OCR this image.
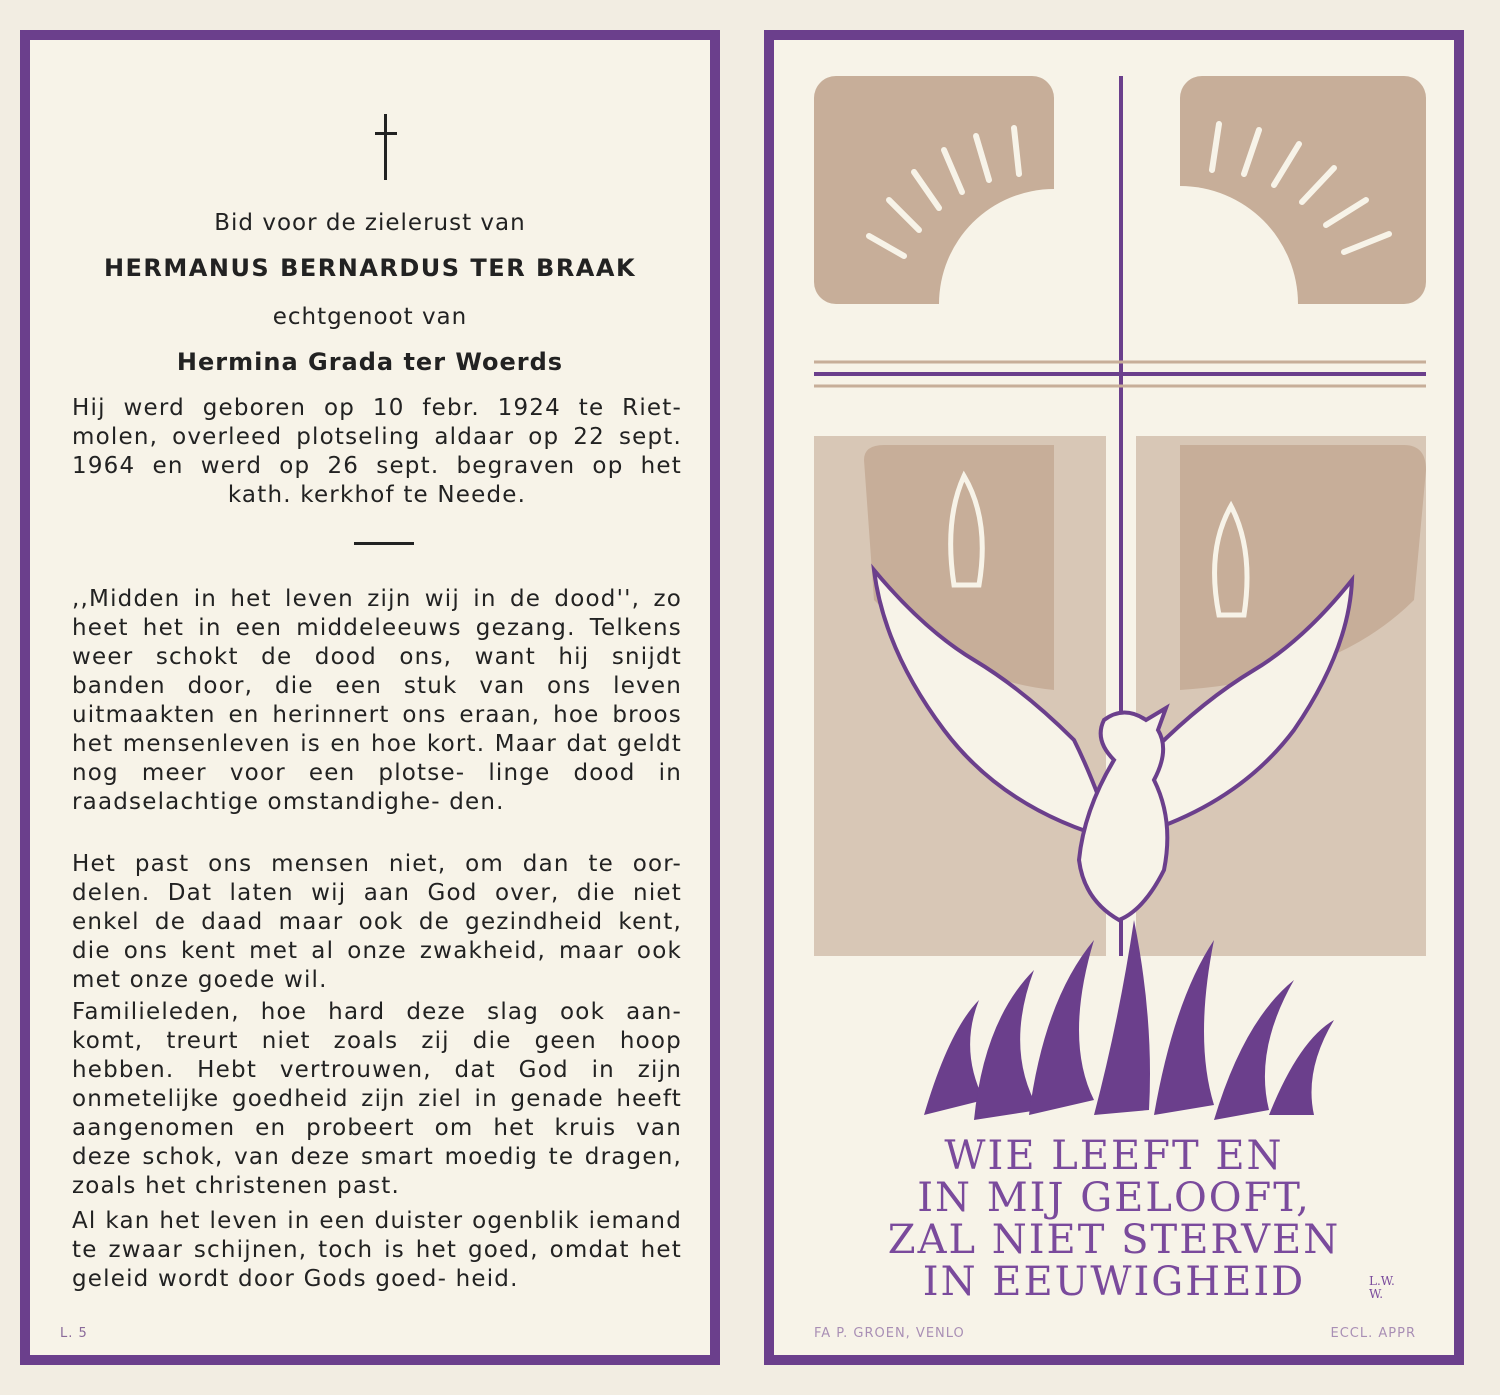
Bid voor de zielerust van
HERMANUS BERNARDUS TER BRAAK
echtgenoot van
Hermina Grada ter Woerds

Hij werd geboren op 10 febr. 1924 te Riet- molen, overleed plotseling aldaar op 22 sept. 1964 en werd op 26 sept. begraven op het kath. kerkhof te Neede.

,,Midden in het leven zijn wij in de dood'', zo heet het in een middeleeuws gezang. Telkens weer schokt de dood ons, want hij snijdt banden door, die een stuk van ons leven uitmaakten en herinnert ons eraan, hoe broos het mensenleven is en hoe kort. Maar dat geldt nog meer voor een plotse- linge dood in raadselachtige omstandighe- den.

Het past ons mensen niet, om dan te oor- delen. Dat laten wij aan God over, die niet enkel de daad maar ook de gezindheid kent, die ons kent met al onze zwakheid, maar ook met onze goede wil.

Familieleden, hoe hard deze slag ook aan- komt, treurt niet zoals zij die geen hoop hebben. Hebt vertrouwen, dat God in zijn onmetelijke goedheid zijn ziel in genade heeft aangenomen en probeert om het kruis van deze schok, van deze smart moedig te dragen, zoals het christenen past.

Al kan het leven in een duister ogenblik iemand te zwaar schijnen, toch is het goed, omdat het geleid wordt door Gods goed- heid.

L. 5
WIE LEEFT EN
IN MIJ GELOOFT,
ZAL NIET STERVEN
IN EEUWIGHEID	L.W.
W.
FA P. GROEN, VENLO	ECCL. APPR
